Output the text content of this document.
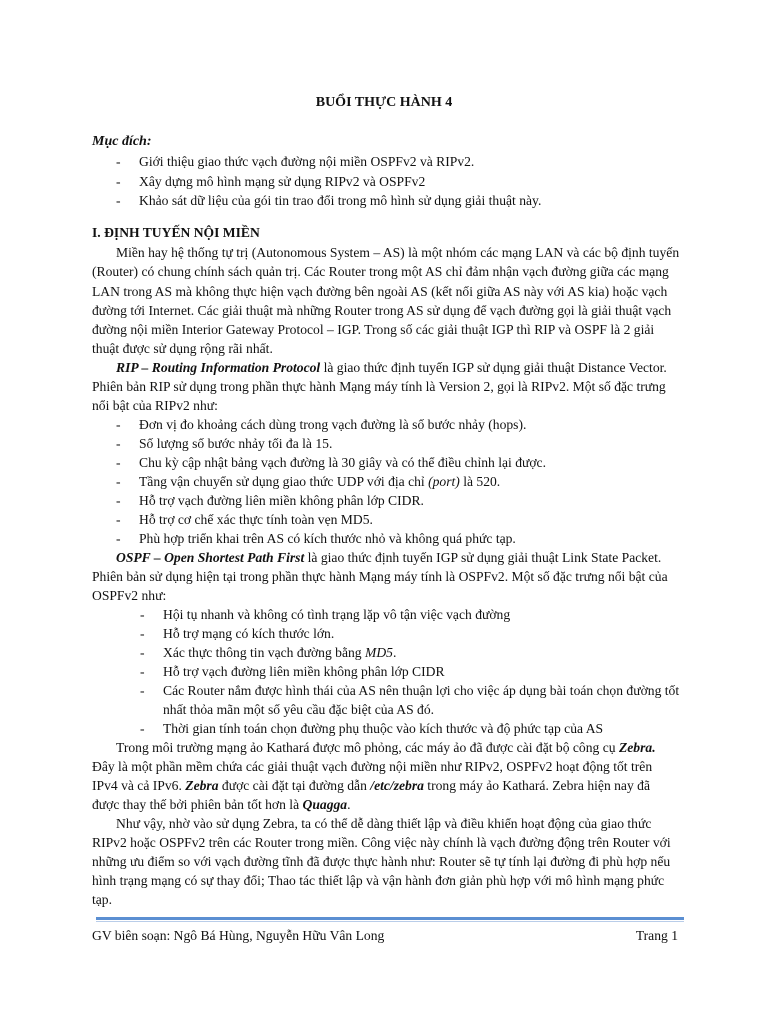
BUỔI THỰC HÀNH 4
Mục đích:
- Giới thiệu giao thức vạch đường nội miền OSPFv2 và RIPv2.
- Xây dựng mô hình mạng sử dụng RIPv2 và OSPFv2
- Khảo sát dữ liệu của gói tin trao đổi trong mô hình sử dụng giải thuật này.
I. ĐỊNH TUYẾN NỘI MIỀN
Miền hay hệ thống tự trị (Autonomous System – AS) là một nhóm các mạng LAN và các bộ định tuyến
(Router) có chung chính sách quản trị. Các Router trong một AS chỉ đảm nhận vạch đường giữa các mạng
LAN trong AS mà không thực hiện vạch đường bên ngoài AS (kết nối giữa AS này với AS kia) hoặc vạch
đường tới Internet. Các giải thuật mà những Router trong AS sử dụng để vạch đường gọi là giải thuật vạch
đường nội miền Interior Gateway Protocol – IGP. Trong số các giải thuật IGP thì RIP và OSPF là 2 giải
thuật được sử dụng rộng rãi nhất.
RIP – Routing Information Protocol là giao thức định tuyến IGP sử dụng giải thuật Distance Vector.
Phiên bản RIP sử dụng trong phần thực hành Mạng máy tính là Version 2, gọi là RIPv2. Một số đặc trưng
nổi bật của RIPv2 như:
- Đơn vị đo khoảng cách dùng trong vạch đường là số bước nhảy (hops).
- Số lượng số bước nhảy tối đa là 15.
- Chu kỳ cập nhật bảng vạch đường là 30 giây và có thể điều chỉnh lại được.
- Tầng vận chuyển sử dụng giao thức UDP với địa chỉ (port) là 520.
- Hỗ trợ vạch đường liên miền không phân lớp CIDR.
- Hỗ trợ cơ chế xác thực tính toàn vẹn MD5.
- Phù hợp triển khai trên AS có kích thước nhỏ và không quá phức tạp.
OSPF – Open Shortest Path First là giao thức định tuyến IGP sử dụng giải thuật Link State Packet.
Phiên bản sử dụng hiện tại trong phần thực hành Mạng máy tính là OSPFv2. Một số đặc trưng nổi bật của
OSPFv2 như:
- Hội tụ nhanh và không có tình trạng lặp vô tận việc vạch đường
- Hỗ trợ mạng có kích thước lớn.
- Xác thực thông tin vạch đường bằng MD5.
- Hỗ trợ vạch đường liên miền không phân lớp CIDR
- Các Router nắm được hình thái của AS nên thuận lợi cho việc áp dụng bài toán chọn đường tốt
nhất thỏa mãn một số yêu cầu đặc biệt của AS đó.
- Thời gian tính toán chọn đường phụ thuộc vào kích thước và độ phức tạp của AS
Trong môi trường mạng ảo Kathará được mô phỏng, các máy ảo đã được cài đặt bộ công cụ Zebra.
Đây là một phần mềm chứa các giải thuật vạch đường nội miền như RIPv2, OSPFv2 hoạt động tốt trên
IPv4 và cả IPv6. Zebra được cài đặt tại đường dẫn /etc/zebra trong máy ảo Kathará. Zebra hiện nay đã
được thay thế bởi phiên bản tốt hơn là Quagga.
Như vậy, nhờ vào sử dụng Zebra, ta có thể dễ dàng thiết lập và điều khiển hoạt động của giao thức
RIPv2 hoặc OSPFv2 trên các Router trong miền. Công việc này chính là vạch đường động trên Router với
những ưu điểm so với vạch đường tĩnh đã được thực hành như: Router sẽ tự tính lại đường đi phù hợp nếu
hình trạng mạng có sự thay đổi; Thao tác thiết lập và vận hành đơn giản phù hợp với mô hình mạng phức
tạp.
GV biên soạn: Ngô Bá Hùng, Nguyễn Hữu Vân Long	Trang 1
